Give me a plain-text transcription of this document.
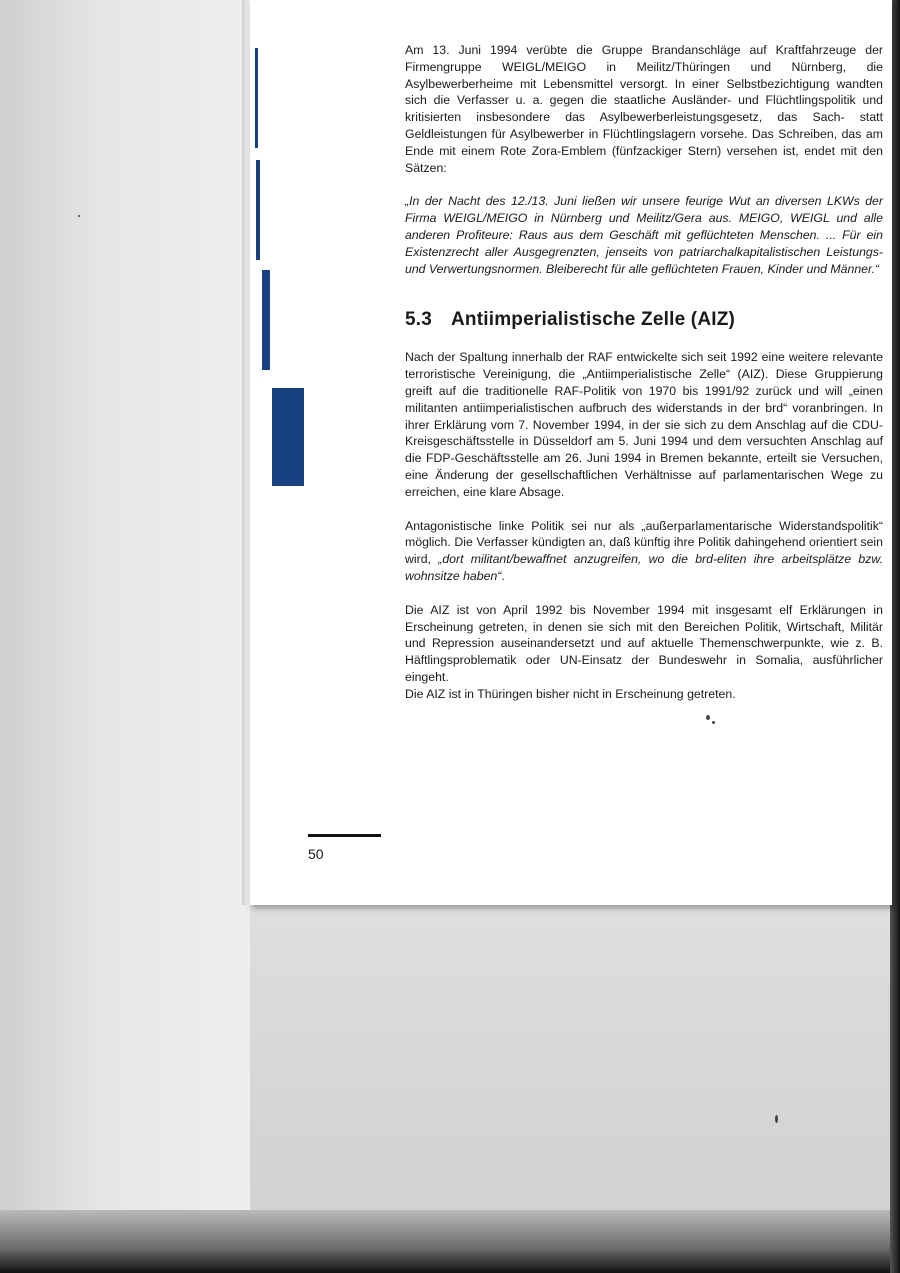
Am 13. Juni 1994 verübte die Gruppe Brandanschläge auf Kraftfahrzeuge der Firmengruppe WEIGL/MEIGO in Meilitz/Thüringen und Nürnberg, die Asylbewerberheime mit Lebensmittel versorgt. In einer Selbstbezichtigung wandten sich die Verfasser u. a. gegen die staatliche Ausländer- und Flüchtlingspolitik und kritisierten insbesondere das Asylbewerberleistungsgesetz, das Sach- statt Geldleistungen für Asylbewerber in Flüchtlingslagern vorsehe. Das Schreiben, das am Ende mit einem Rote Zora-Emblem (fünfzackiger Stern) versehen ist, endet mit den Sätzen:

„In der Nacht des 12./13. Juni ließen wir unsere feurige Wut an diversen LKWs der Firma WEIGL/MEIGO in Nürnberg und Meilitz/Gera aus. MEIGO, WEIGL und alle anderen Profiteure: Raus aus dem Geschäft mit geflüchteten Menschen. ... Für ein Existenzrecht aller Ausgegrenzten, jenseits von patriarchalkapitalistischen Leistungs- und Verwertungsnormen. Bleiberecht für alle geflüchteten Frauen, Kinder und Männer.“

5.3 Antiimperialistische Zelle (AIZ)

Nach der Spaltung innerhalb der RAF entwickelte sich seit 1992 eine weitere relevante terroristische Vereinigung, die „Antiimperialistische Zelle“ (AIZ). Diese Gruppierung greift auf die traditionelle RAF-Politik von 1970 bis 1991/92 zurück und will „einen militanten antiimperialistischen aufbruch des widerstands in der brd“ voranbringen. In ihrer Erklärung vom 7. November 1994, in der sie sich zu dem Anschlag auf die CDU-Kreisgeschäftsstelle in Düsseldorf am 5. Juni 1994 und dem versuchten Anschlag auf die FDP-Geschäftsstelle am 26. Juni 1994 in Bremen bekannte, erteilt sie Versuchen, eine Änderung der gesellschaftlichen Verhältnisse auf parlamentarischen Wege zu erreichen, eine klare Absage.

Antagonistische linke Politik sei nur als „außerparlamentarische Widerstandspolitik“ möglich. Die Verfasser kündigten an, daß künftig ihre Politik dahingehend orientiert sein wird, „dort militant/bewaffnet anzugreifen, wo die brd-eliten ihre arbeitsplätze bzw. wohnsitze haben“.

Die AIZ ist von April 1992 bis November 1994 mit insgesamt elf Erklärungen in Erscheinung getreten, in denen sie sich mit den Bereichen Politik, Wirtschaft, Militär und Repression auseinandersetzt und auf aktuelle Themenschwerpunkte, wie z. B. Häftlingsproblematik oder UN-Einsatz der Bundeswehr in Somalia, ausführlicher eingeht.

Die AIZ ist in Thüringen bisher nicht in Erscheinung getreten.

50
